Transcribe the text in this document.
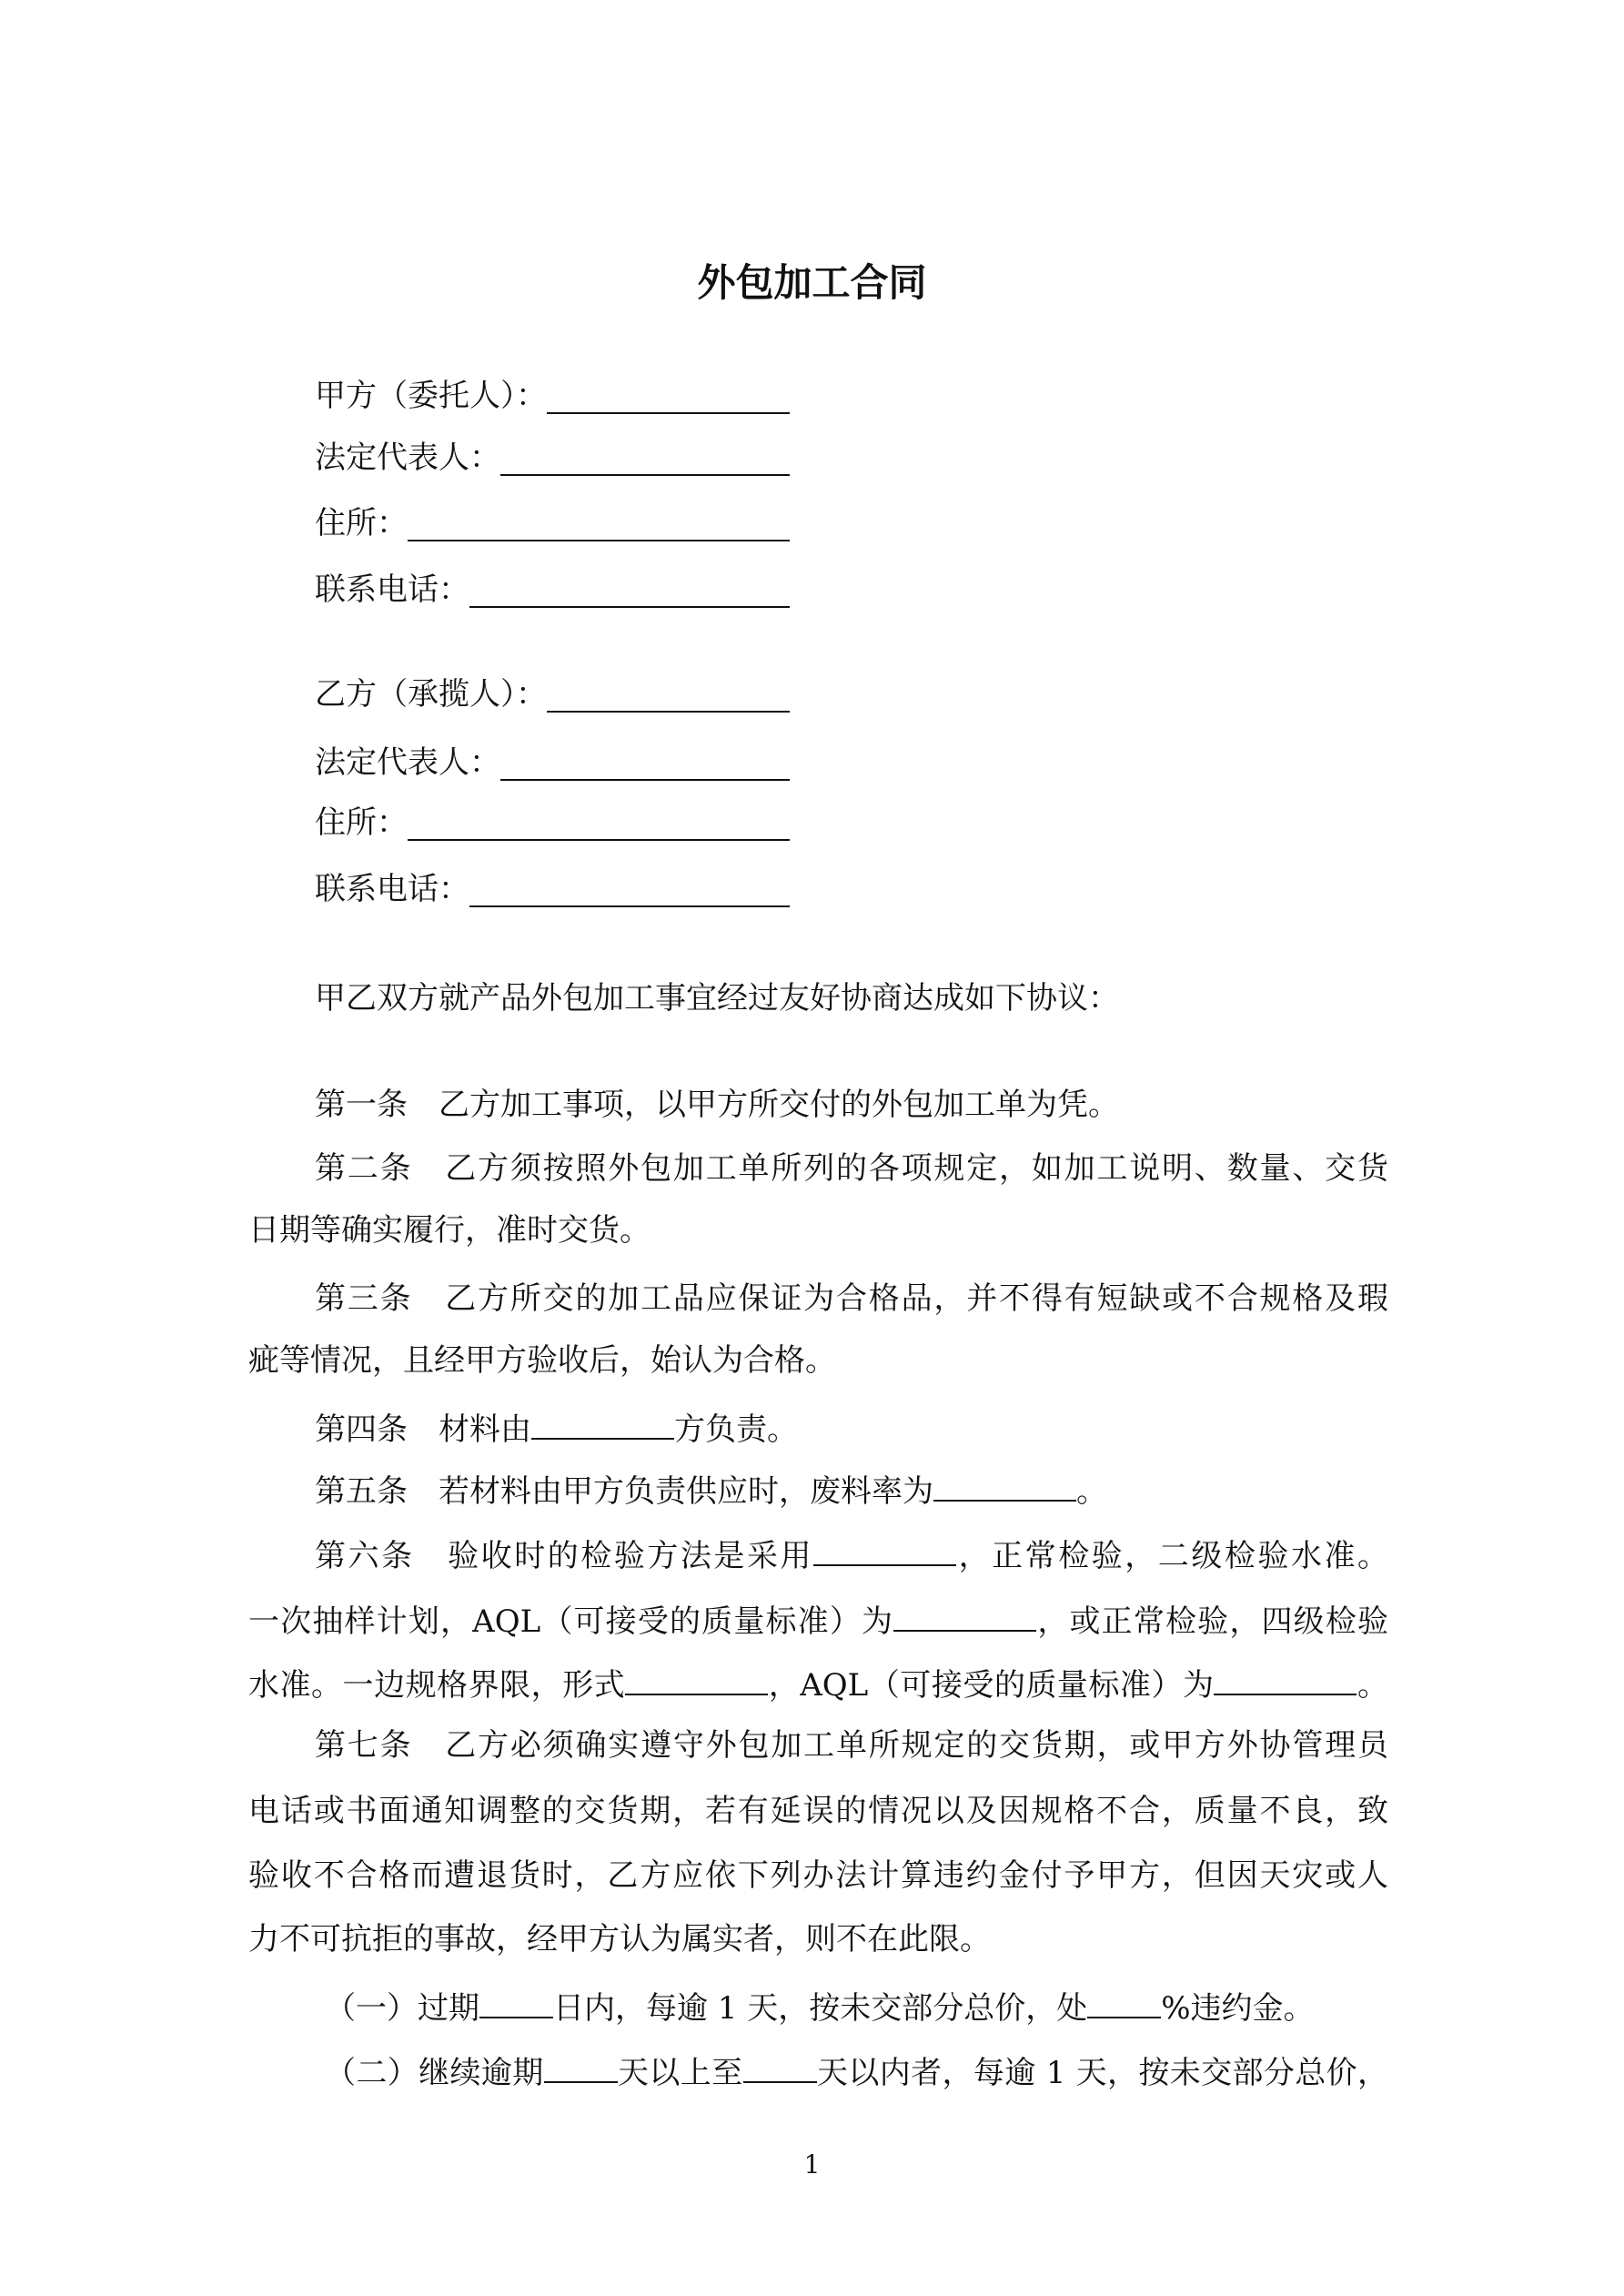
外包加工合同
甲方（委托人）：
法定代表人：
住所：
联系电话：
乙方（承揽人）：
法定代表人：
住所：
联系电话：
甲乙双方就产品外包加工事宜经过友好协商达成如下协议：
第一条　乙方加工事项，以甲方所交付的外包加工单为凭。
第二条　乙方须按照外包加工单所列的各项规定，如加工说明、数量、交货
日期等确实履行，准时交货。
第三条　乙方所交的加工品应保证为合格品，并不得有短缺或不合规格及瑕
疵等情况，且经甲方验收后，始认为合格。
第四条　材料由	方负责。
第五条　若材料由甲方负责供应时，废料率为	。
第六条　验收时的检验方法是采用	，正常检验，二级检验水准。
一次抽样计划，AQL（可接受的质量标准）为	，或正常检验，四级检验
水准。一边规格界限，形式	，AQL（可接受的质量标准）为	。
第七条　乙方必须确实遵守外包加工单所规定的交货期，或甲方外协管理员
电话或书面通知调整的交货期，若有延误的情况以及因规格不合，质量不良，致
验收不合格而遭退货时，乙方应依下列办法计算违约金付予甲方，但因天灾或人
力不可抗拒的事故，经甲方认为属实者，则不在此限。
（一）过期 日内，每逾 1 天，按未交部分总价，处 %违约金。
（二）继续逾期 天以上至 天以内者，每逾 1 天，按未交部分总价，
1
